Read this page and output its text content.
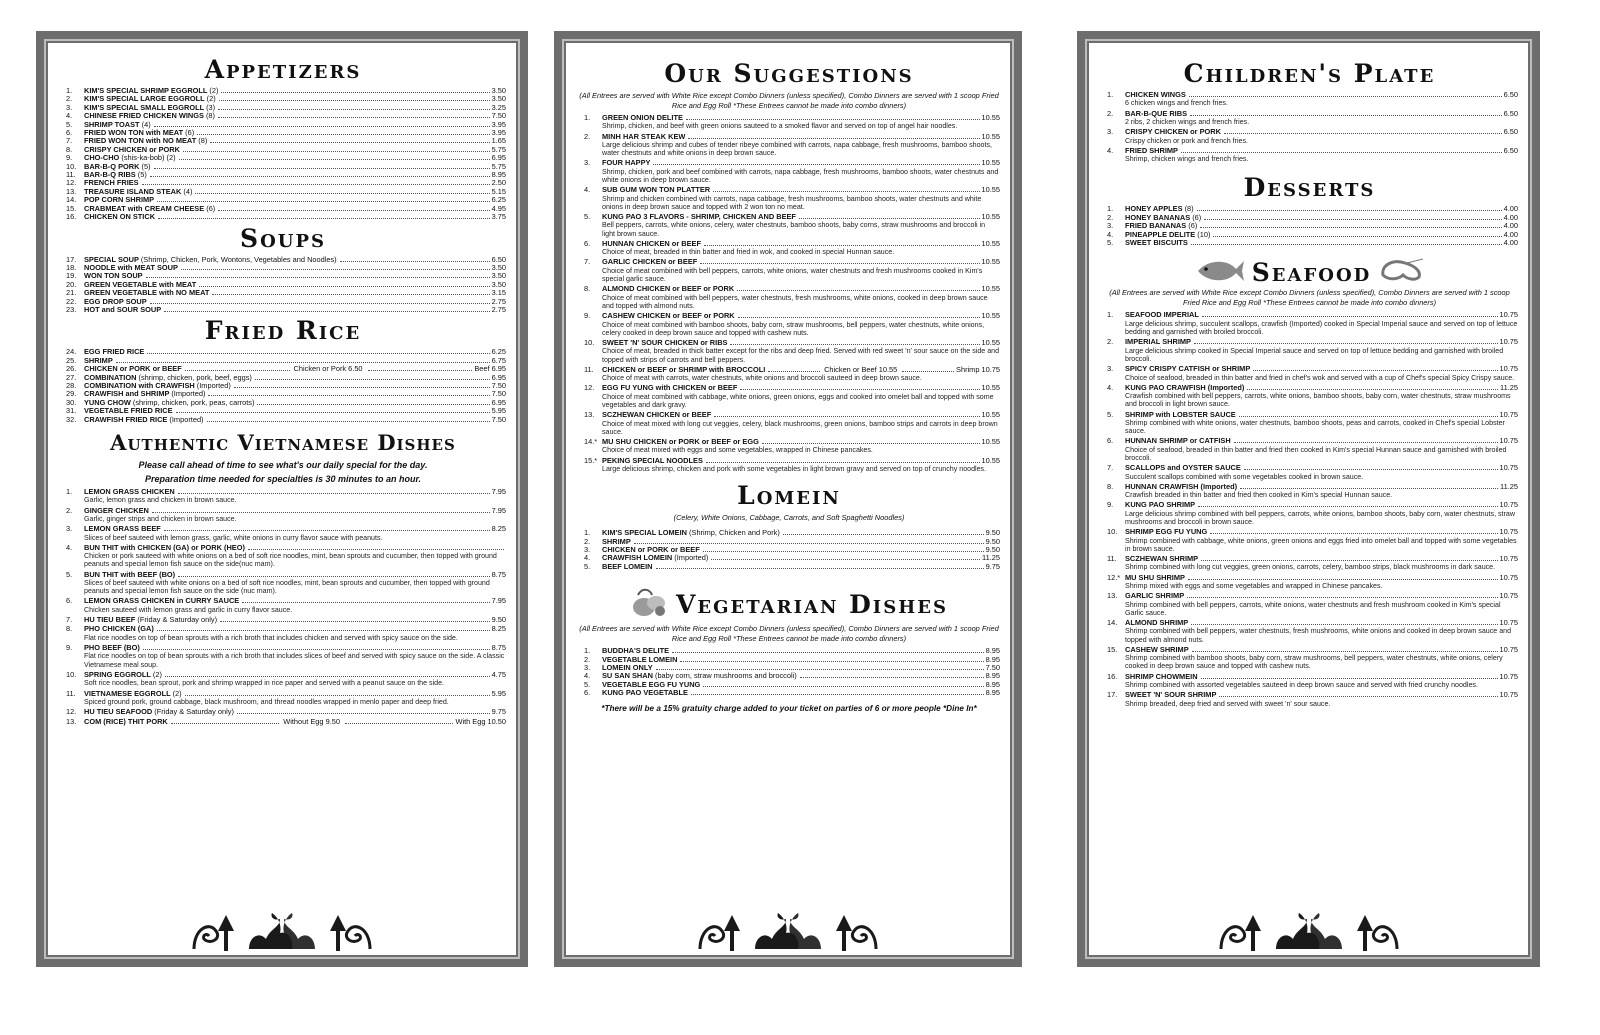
Appetizers
1. KIM'S SPECIAL SHRIMP EGGROLL (2)	3.50
2. KIM'S SPECIAL LARGE EGGROLL (2)	3.50
3. KIM'S SPECIAL SMALL EGGROLL (3)	3.25
4. CHINESE FRIED CHICKEN WINGS (8)	7.50
5. SHRIMP TOAST (4)	3.95
6. FRIED WON TON with MEAT (6)	3.95
7. FRIED WON TON with NO MEAT (8)	1.65
8. CRISPY CHICKEN or PORK	5.75
9. CHO-CHO (shis-ka-bob) (2)	6.95
10. BAR-B-Q PORK (5)	5.75
11. BAR-B-Q RIBS (5)	8.95
12. FRENCH FRIES	2.50
13. TREASURE ISLAND STEAK (4)	5.15
14. POP CORN SHRIMP	6.25
15. CRABMEAT with CREAM CHEESE (6)	4.95
16. CHICKEN ON STICK	3.75
Soups
17. SPECIAL SOUP (Shrimp, Chicken, Pork, Wontons, Vegetables and Noodles)	6.50
18. NOODLE with MEAT SOUP	3.50
19. WON TON SOUP	3.50
20. GREEN VEGETABLE with MEAT	3.50
21. GREEN VEGETABLE with NO MEAT	3.15
22. EGG DROP SOUP	2.75
23. HOT and SOUR SOUP	2.75
Fried Rice
24. EGG FRIED RICE	6.25
25. SHRIMP	6.75
26. CHICKEN or PORK or BEEF	Chicken or Pork 6.50	Beef 6.95
27. COMBINATION (shrimp, chicken, pork, beef, eggs)	6.95
28. COMBINATION with CRAWFISH (Imported)	7.50
29. CRAWFISH and SHRIMP (Imported)	7.50
30. YUNG CHOW (shrimp, chicken, pork, peas, carrots)	6.95
31. VEGETABLE FRIED RICE	5.95
32. CRAWFISH FRIED RICE (Imported)	7.50
Authentic Vietnamese Dishes
Please call ahead of time to see what's our daily special for the day.
Preparation time needed for specialties is 30 minutes to an hour.
1. LEMON GRASS CHICKEN	7.95
Garlic, lemon grass and chicken in brown sauce.
2. GINGER CHICKEN	7.95
Garlic, ginger strips and chicken in brown sauce.
3. LEMON GRASS BEEF	8.25
Slices of beef sauteed with lemon grass, garlic, white onions in curry flavor sauce with peanuts.
4. BUN THIT with CHICKEN (GA) or PORK (HEO)
Chicken or pork sauteed with white onions on a bed of soft rice noodles, mint, bean sprouts and cucumber, then topped with ground peanuts and special lemon fish sauce on the side(nuc mam).
5. BUN THIT with BEEF (BO)	8.75
Slices of beef sauteed with white onions on a bed of soft rice noodles, mint, bean sprouts and cucumber, then topped with ground peanuts and special lemon fish sauce on the side (nuc mam).
6. LEMON GRASS CHICKEN in CURRY SAUCE	7.95
Chicken sauteed with lemon grass and garlic in curry flavor sauce.
7. HU TIEU BEEF (Friday & Saturday only)	9.50
8. PHO CHICKEN (GA)	8.25
Flat rice noodles on top of bean sprouts with a rich broth that includes chicken and served with spicy sauce on the side.
9. PHO BEEF (BO)	8.75
Flat rice noodles on top of bean sprouts with a rich broth that includes slices of beef and served with spicy sauce on the side. A classic Vietnamese meal soup.
10. SPRING EGGROLL (2)	4.75
Soft rice noodles, bean sprout, pork and shrimp wrapped in rice paper and served with a peanut sauce on the side.
11. VIETNAMESE EGGROLL (2)	5.95
Spiced ground pork, ground cabbage, black mushroom, and thread noodles wrapped in menlo paper and deep fried.
12. HU TIEU SEAFOOD (Friday & Saturday only)	9.75
13. COM (RICE) THIT PORK	Without Egg 9.50	With Egg 10.50
Our Suggestions
(All Entrees are served with White Rice except Combo Dinners (unless specified), Combo Dinners are served with 1 scoop Fried Rice and Egg Roll *These Entrees cannot be made into combo dinners)
1. GREEN ONION DELITE	10.55
Shrimp, chicken, and beef with green onions sauteed to a smoked flavor and served on top of angel hair noodles.
2. MINH HAR STEAK KEW	10.55
Large delicious shrimp and cubes of tender ribeye combined with carrots, napa cabbage, fresh mushrooms, bamboo shoots, water chestnuts and white onions in deep brown sauce.
3. FOUR HAPPY	10.55
Shrimp, chicken, pork and beef combined with carrots, napa cabbage, fresh mushrooms, bamboo shoots, water chestnuts and white onions in deep brown sauce.
4. SUB GUM WON TON PLATTER	10.55
Shrimp and chicken combined with carrots, napa cabbage, fresh mushrooms, bamboo shoots, water chestnuts and white onions in deep brown sauce and topped with 2 won ton no meat.
5. KUNG PAO 3 FLAVORS - SHRIMP, CHICKEN AND BEEF	10.55
Bell peppers, carrots, white onions, celery, water chestnuts, bamboo shoots, baby corns, straw mushrooms and broccoli in light brown sauce.
6. HUNNAN CHICKEN or BEEF	10.55
Choice of meat, breaded in thin batter and fried in wok, and cooked in special Hunnan sauce.
7. GARLIC CHICKEN or BEEF	10.55
Choice of meat combined with bell peppers, carrots, white onions, water chestnuts and fresh mushrooms cooked in Kim's special garlic sauce.
8. ALMOND CHICKEN or BEEF or PORK	10.55
Choice of meat combined with bell peppers, water chestnuts, fresh mushrooms, white onions, cooked in deep brown sauce and topped with almond nuts.
9. CASHEW CHICKEN or BEEF or PORK	10.55
Choice of meat combined with bamboo shoots, baby corn, straw mushrooms, bell peppers, water chestnuts, white onions, celery cooked in deep brown sauce and topped with cashew nuts.
10. SWEET 'N' SOUR CHICKEN or RIBS	10.55
Choice of meat, breaded in thick batter except for the ribs and deep fried. Served with red sweet 'n' sour sauce on the side and topped with strips of carrots and bell peppers.
11. CHICKEN or BEEF or SHRIMP with BROCCOLI	Chicken or Beef 10.55	Shrimp 10.75
Choice of meat with carrots, water chestnuts, white onions and broccoli sauteed in deep brown sauce.
12. EGG FU YUNG with CHICKEN or BEEF	10.55
Choice of meat combined with cabbage, white onions, green onions, eggs and cooked into omelet ball and topped with some vegetables and dark gravy.
13. SCZHEWAN CHICKEN or BEEF	10.55
Choice of meat mixed with long cut veggies, celery, black mushrooms, green onions, bamboo strips and carrots in deep brown sauce.
14.* MU SHU CHICKEN or PORK or BEEF or EGG	10.55
Choice of meat mixed with eggs and some vegetables, wrapped in Chinese pancakes.
15.* PEKING SPECIAL NOODLES	10.55
Large delicious shrimp, chicken and pork with some vegetables in light brown gravy and served on top of crunchy noodles.
Lomein
(Celery, White Onions, Cabbage, Carrots, and Soft Spaghetti Noodles)
1. KIM'S SPECIAL LOMEIN (Shrimp, Chicken and Pork)	9.50
2. SHRIMP	9.50
3. CHICKEN or PORK or BEEF	9.50
4. CRAWFISH LOMEIN (Imported)	11.25
5. BEEF LOMEIN	9.75
Vegetarian Dishes
(All Entrees are served with White Rice except Combo Dinners (unless specified), Combo Dinners are served with 1 scoop Fried Rice and Egg Roll *These Entrees cannot be made into combo dinners)
1. BUDDHA'S DELITE	8.95
2. VEGETABLE LOMEIN	8.95
3. LOMEIN ONLY	7.50
4. SU SAN SHAN (baby corn, straw mushrooms and broccoli)	8.95
5. VEGETABLE EGG FU YUNG	8.95
6. KUNG PAO VEGETABLE	8.95
*There will be a 15% gratuity charge added to your ticket on parties of 6 or more people *Dine In*
Children's Plate
1. CHICKEN WINGS	6.50
6 chicken wings and french fries.
2. BAR-B-QUE RIBS	6.50
2 ribs, 2 chicken wings and french fries.
3. CRISPY CHICKEN or PORK	6.50
Crispy chicken or pork and french fries.
4. FRIED SHRIMP	6.50
Shrimp, chicken wings and french fries.
Desserts
1. HONEY APPLES (8)	4.00
2. HONEY BANANAS (6)	4.00
3. FRIED BANANAS (6)	4.00
4. PINEAPPLE DELITE (10)	4.00
5. SWEET BISCUITS	4.00
Seafood
(All Entrees are served with White Rice except Combo Dinners (unless specified), Combo Dinners are served with 1 scoop Fried Rice and Egg Roll *These Entrees cannot be made into combo dinners)
1. SEAFOOD IMPERIAL	10.75
Large delicious shrimp, succulent scallops, crawfish (Imported) cooked in Special Imperial sauce and served on top of lettuce bedding and garnished with broiled broccoli.
2. IMPERIAL SHRIMP	10.75
Large delicious shrimp cooked in Special Imperial sauce and served on top of lettuce bedding and garnished with broiled broccoli.
3. SPICY CRISPY CATFISH or SHRIMP	10.75
Choice of seafood, breaded in thin batter and fried in chef's wok and served with a cup of Chef's special Spicy Crispy sauce.
4. KUNG PAO CRAWFISH (Imported)	11.25
Crawfish combined with bell peppers, carrots, white onions, bamboo shoots, baby corn, water chestnuts, straw mushrooms and broccoli in light brown sauce.
5. SHRIMP with LOBSTER SAUCE	10.75
Shrimp combined with white onions, water chestnuts, bamboo shoots, peas and carrots, cooked in Chef's special Lobster sauce.
6. HUNNAN SHRIMP or CATFISH	10.75
Choice of seafood, breaded in thin batter and fried then cooked in Kim's special Hunnan sauce and garnished with broiled broccoli.
7. SCALLOPS and OYSTER SAUCE	10.75
Succulent scallops combined with some vegetables cooked in brown sauce.
8. HUNNAN CRAWFISH (Imported)	11.25
Crawfish breaded in thin batter and fried then cooked in Kim's special Hunnan sauce.
9. KUNG PAO SHRIMP	10.75
Large delicious shrimp combined with bell peppers, carrots, white onions, bamboo shoots, baby corn, water chestnuts, straw mushrooms and broccoli in brown sauce.
10. SHRIMP EGG FU YUNG	10.75
Shrimp combined with cabbage, white onions, green onions and eggs fried into omelet ball and topped with some vegetables in brown sauce.
11. SCZHEWAN SHRIMP	10.75
Shrimp combined with long cut veggies, green onions, carrots, celery, bamboo strips, black mushrooms in dark sauce.
12.* MU SHU SHRIMP	10.75
Shrimp mixed with eggs and some vegetables and wrapped in Chinese pancakes.
13. GARLIC SHRIMP	10.75
Shrimp combined with bell peppers, carrots, white onions, water chestnuts and fresh mushroom cooked in Kim's special Garlic sauce.
14. ALMOND SHRIMP	10.75
Shrimp combined with bell peppers, water chestnuts, fresh mushrooms, white onions and cooked in deep brown sauce and topped with almond nuts.
15. CASHEW SHRIMP	10.75
Shrimp combined with bamboo shoots, baby corn, straw mushrooms, bell peppers, water chestnuts, white onions, celery cooked in deep brown sauce and topped with cashew nuts.
16. SHRIMP CHOWMEIN	10.75
Shrimp combined with assorted vegetables sauteed in deep brown sauce and served with fried crunchy noodles.
17. SWEET 'N' SOUR SHRIMP	10.75
Shrimp breaded, deep fried and served with sweet 'n' sour sauce.
